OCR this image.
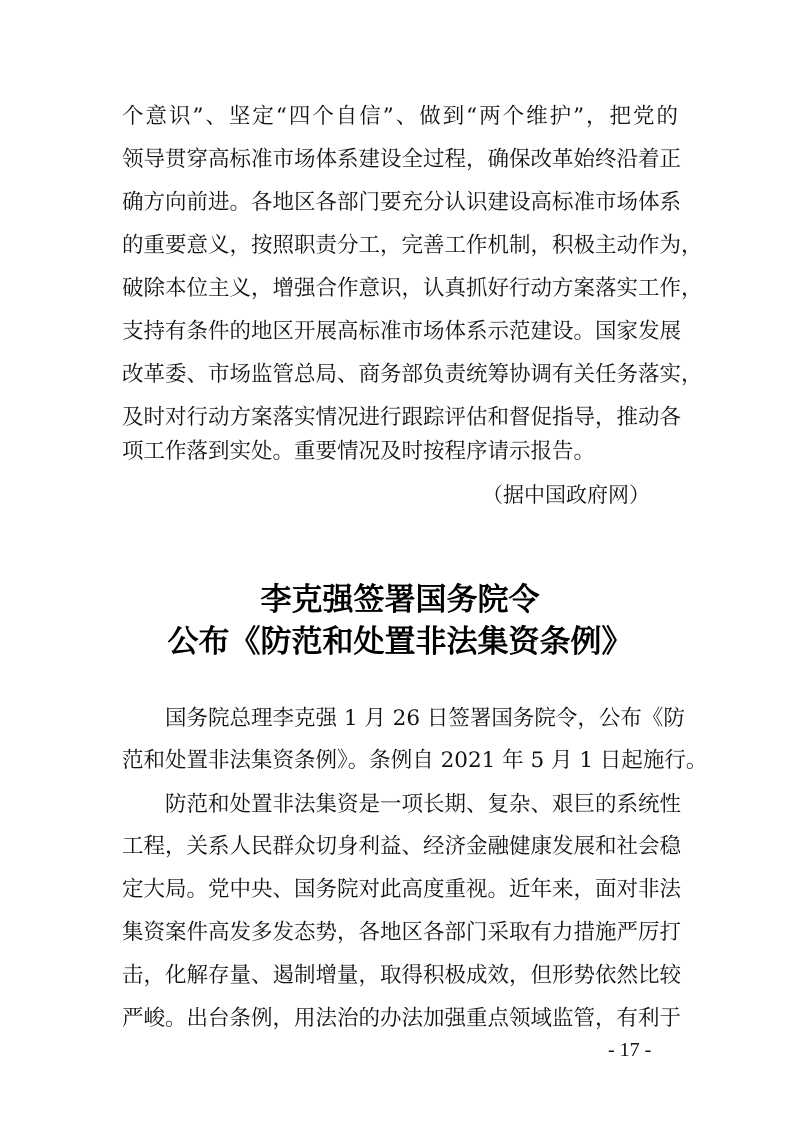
个意识”、坚定“四个自信”、做到“两个维护”，把党的
领导贯穿高标准市场体系建设全过程，确保改革始终沿着正
确方向前进。各地区各部门要充分认识建设高标准市场体系
的重要意义，按照职责分工，完善工作机制，积极主动作为，
破除本位主义，增强合作意识，认真抓好行动方案落实工作，
支持有条件的地区开展高标准市场体系示范建设。国家发展
改革委、市场监管总局、商务部负责统筹协调有关任务落实，
及时对行动方案落实情况进行跟踪评估和督促指导，推动各
项工作落到实处。重要情况及时按程序请示报告。
（据中国政府网）
李克强签署国务院令
公布《防范和处置非法集资条例》
　　国务院总理李克强 1 月 26 日签署国务院令，公布《防
范和处置非法集资条例》。条例自 2021 年 5 月 1 日起施行。
　　防范和处置非法集资是一项长期、复杂、艰巨的系统性
工程，关系人民群众切身利益、经济金融健康发展和社会稳
定大局。党中央、国务院对此高度重视。近年来，面对非法
集资案件高发多发态势，各地区各部门采取有力措施严厉打
击，化解存量、遏制增量，取得积极成效，但形势依然比较
严峻。出台条例，用法治的办法加强重点领域监管，有利于
- 17 -
